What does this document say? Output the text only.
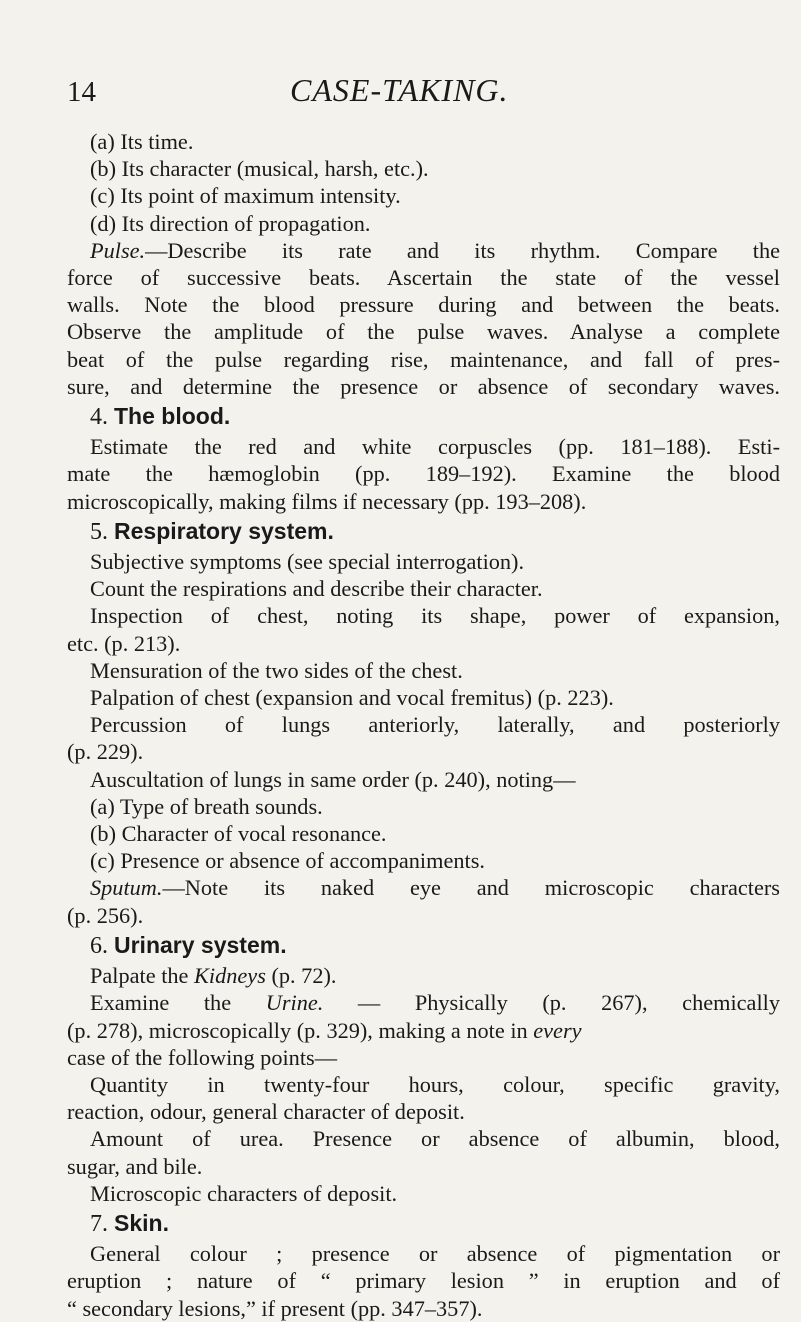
14	CASE-TAKING.
(a) Its time.
(b) Its character (musical, harsh, etc.).
(c) Its point of maximum intensity.
(d) Its direction of propagation.
Pulse.—Describe its rate and its rhythm. Compare the
force of successive beats. Ascertain the state of the vessel
walls. Note the blood pressure during and between the beats.
Observe the amplitude of the pulse waves. Analyse a complete
beat of the pulse regarding rise, maintenance, and fall of pres-
sure, and determine the presence or absence of secondary waves.
4. The blood.
Estimate the red and white corpuscles (pp. 181–188). Esti-
mate the hæmoglobin (pp. 189–192). Examine the blood
microscopically, making films if necessary (pp. 193–208).
5. Respiratory system.
Subjective symptoms (see special interrogation).
Count the respirations and describe their character.
Inspection of chest, noting its shape, power of expansion,
etc. (p. 213).
Mensuration of the two sides of the chest.
Palpation of chest (expansion and vocal fremitus) (p. 223).
Percussion of lungs anteriorly, laterally, and posteriorly
(p. 229).
Auscultation of lungs in same order (p. 240), noting—
(a) Type of breath sounds.
(b) Character of vocal resonance.
(c) Presence or absence of accompaniments.
Sputum.—Note its naked eye and microscopic characters
(p. 256).
6. Urinary system.
Palpate the Kidneys (p. 72).
Examine the Urine. — Physically (p. 267), chemically
(p. 278), microscopically (p. 329), making a note in every
case of the following points—
Quantity in twenty-four hours, colour, specific gravity,
reaction, odour, general character of deposit.
Amount of urea. Presence or absence of albumin, blood,
sugar, and bile.
Microscopic characters of deposit.
7. Skin.
General colour ; presence or absence of pigmentation or
eruption ; nature of “ primary lesion ” in eruption and of
“ secondary lesions,” if present (pp. 347–357).
